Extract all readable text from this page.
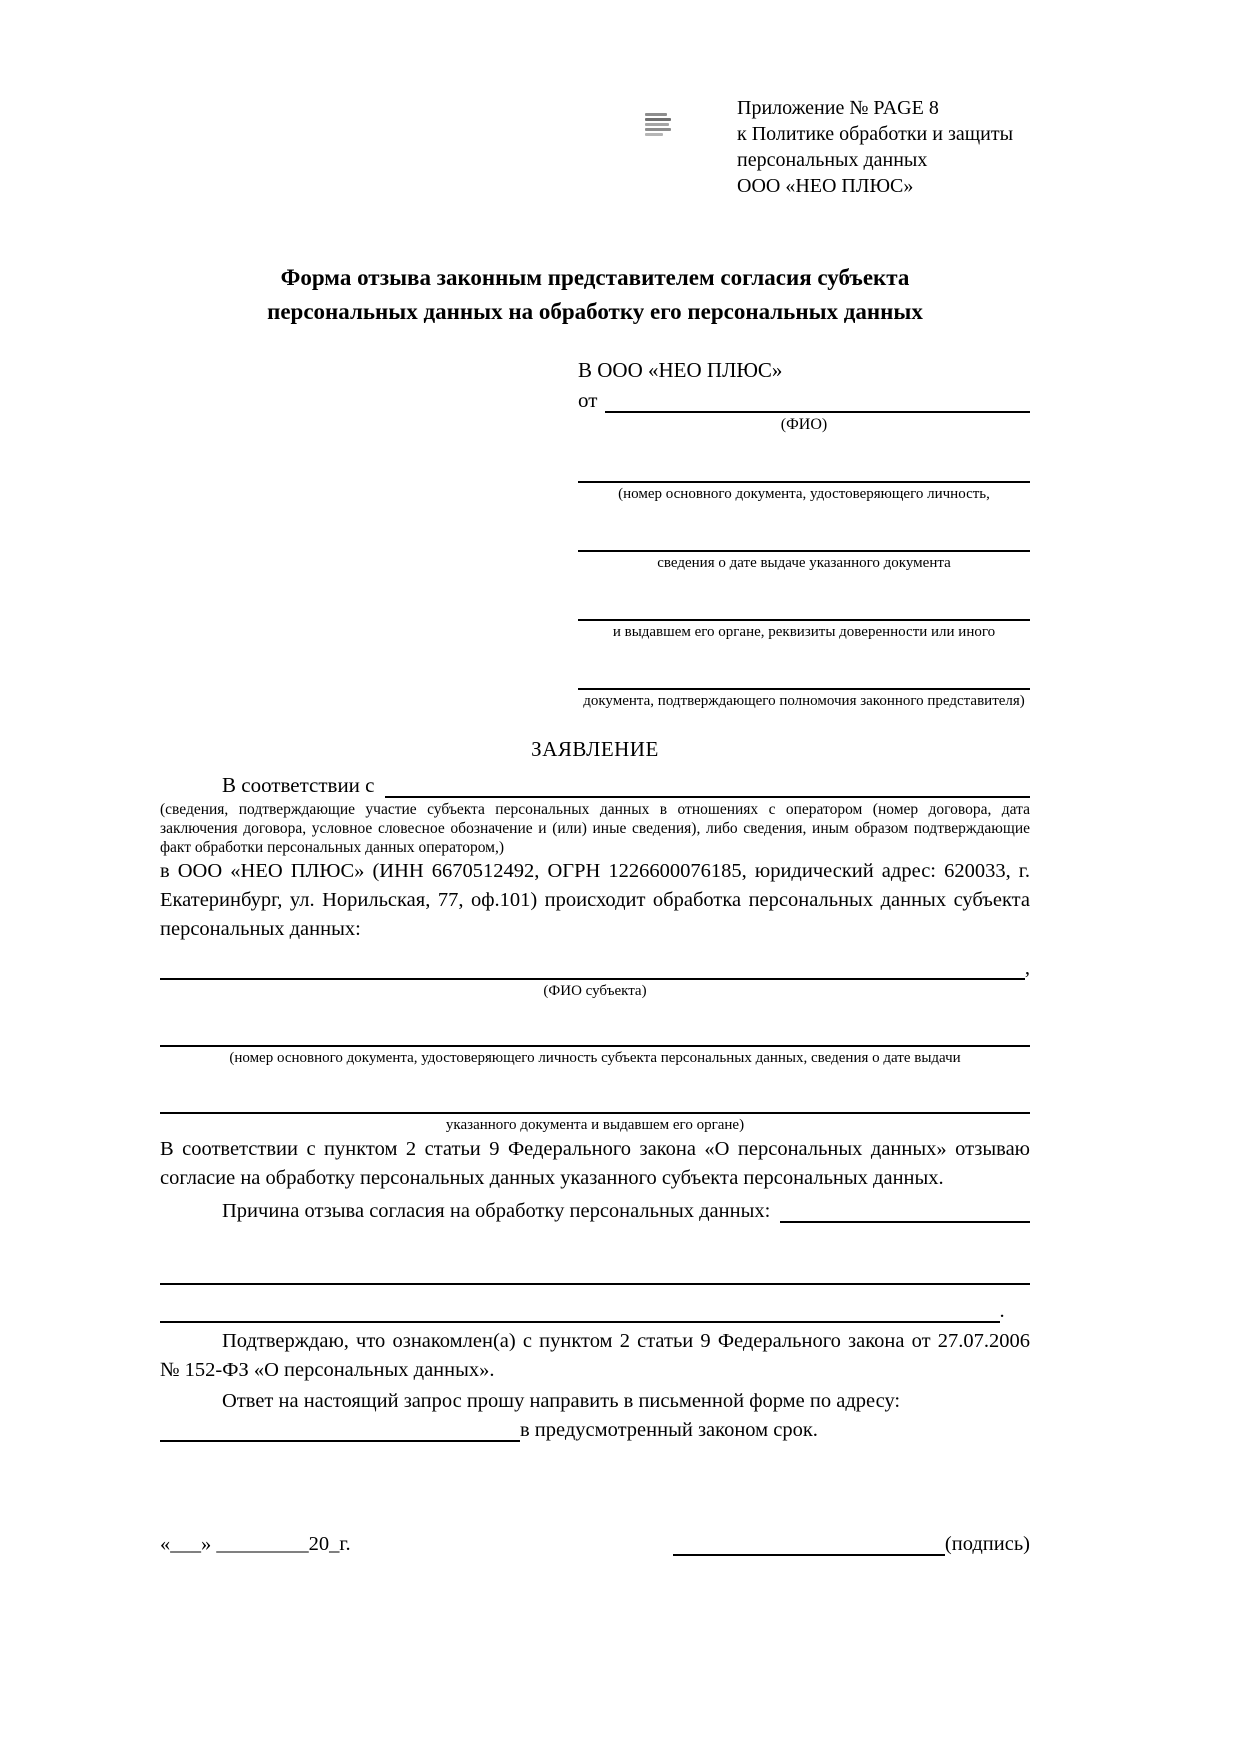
Приложение № PAGE 8
к Политике обработки и защиты
персональных данных
ООО «НЕО ПЛЮС»
Форма отзыва законным представителем согласия субъекта
персональных данных на обработку его персональных данных
В ООО «НЕО ПЛЮС»
от
(ФИО)
(номер основного документа, удостоверяющего личность,
сведения о дате выдаче указанного документа
и выдавшем его органе, реквизиты доверенности или иного
документа, подтверждающего полномочия законного представителя)
ЗАЯВЛЕНИЕ
В соответствии с
(сведения, подтверждающие участие субъекта персональных данных в отношениях с оператором (номер договора, дата заключения договора, условное словесное обозначение и (или) иные сведения), либо сведения, иным образом подтверждающие факт обработки персональных данных оператором,)
в ООО «НЕО ПЛЮС» (ИНН 6670512492, ОГРН 1226600076185, юридический адрес: 620033, г. Екатеринбург, ул. Норильская, 77, оф.101) происходит обработка персональных данных субъекта персональных данных:
,
(ФИО субъекта)
(номер основного документа, удостоверяющего личность субъекта персональных данных, сведения о дате выдачи
указанного документа и выдавшем его органе)
В соответствии с пунктом 2 статьи 9 Федерального закона «О персональных данных» отзываю согласие на обработку персональных данных указанного субъекта персональных данных.
Причина отзыва согласия на обработку персональных данных:
.
Подтверждаю, что ознакомлен(а) с пунктом 2 статьи 9 Федерального закона от 27.07.2006 № 152-ФЗ «О персональных данных».
Ответ на настоящий запрос прошу направить в письменной форме по адресу:
в предусмотренный законом срок.
«___» _________20_г.	(подпись)
